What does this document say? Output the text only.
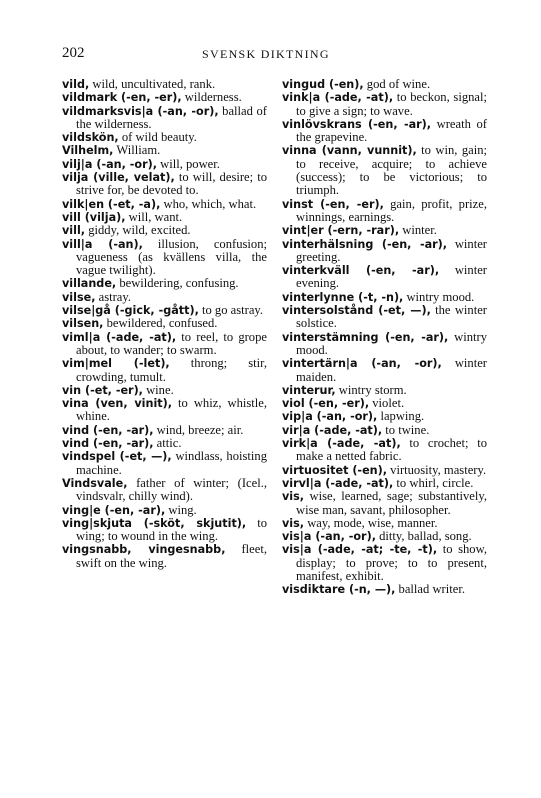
202	SVENSK DIKTNING

vild, wild, uncultivated, rank.

vildmark (-en, -er), wilderness.

vildmarksvis|a (-an, -or), ballad of the wilderness.

vildskön, of wild beauty.

Vilhelm, William.

vilj|a (-an, -or), will, power.

vilja (ville, velat), to will, desire; to strive for, be devoted to.

vilk|en (-et, -a), who, which, what.

vill (vilja), will, want.

vill, giddy, wild, excited.

vill|a (-an), illusion, confusion; vagueness (as kvällens villa, the vague twilight).

villande, bewildering, confusing.

vilse, astray.

vilse|gå (-gick, -gått), to go astray.

vilsen, bewildered, confused.

viml|a (-ade, -at), to reel, to grope about, to wander; to swarm.

vim|mel (-let), throng; stir, crowding, tumult.

vin (-et, -er), wine.

vina (ven, vinit), to whiz, whistle, whine.

vind (-en, -ar), wind, breeze; air.

vind (-en, -ar), attic.

vindspel (-et, —), windlass, hoisting machine.

Vindsvale, father of winter; (Icel., vindsvalr, chilly wind).

ving|e (-en, -ar), wing.

ving|skjuta (-sköt, skjutit), to wing; to wound in the wing.

vingsnabb, vingesnabb, fleet, swift on the wing.

vingud (-en), god of wine.

vink|a (-ade, -at), to beckon, signal; to give a sign; to wave.

vinlövskrans (-en, -ar), wreath of the grapevine.

vinna (vann, vunnit), to win, gain; to receive, acquire; to achieve (success); to be victorious; to triumph.

vinst (-en, -er), gain, profit, prize, winnings, earnings.

vint|er (-ern, -rar), winter.

vinterhälsning (-en, -ar), winter greeting.

vinterkväll (-en, -ar), winter evening.

vinterlynne (-t, -n), wintry mood.

vintersolstånd (-et, —), the winter solstice.

vinterstämning (-en, -ar), wintry mood.

vintertärn|a (-an, -or), winter maiden.

vinterur, wintry storm.

viol (-en, -er), violet.

vip|a (-an, -or), lapwing.

vir|a (-ade, -at), to twine.

virk|a (-ade, -at), to crochet; to make a netted fabric.

virtuositet (-en), virtuosity, mastery.

virvl|a (-ade, -at), to whirl, circle.

vis, wise, learned, sage; substantively, wise man, savant, philosopher.

vis, way, mode, wise, manner.

vis|a (-an, -or), ditty, ballad, song.

vis|a (-ade, -at; -te, -t), to show, display; to prove; to to present, manifest, exhibit.

visdiktare (-n, —), ballad writer.
